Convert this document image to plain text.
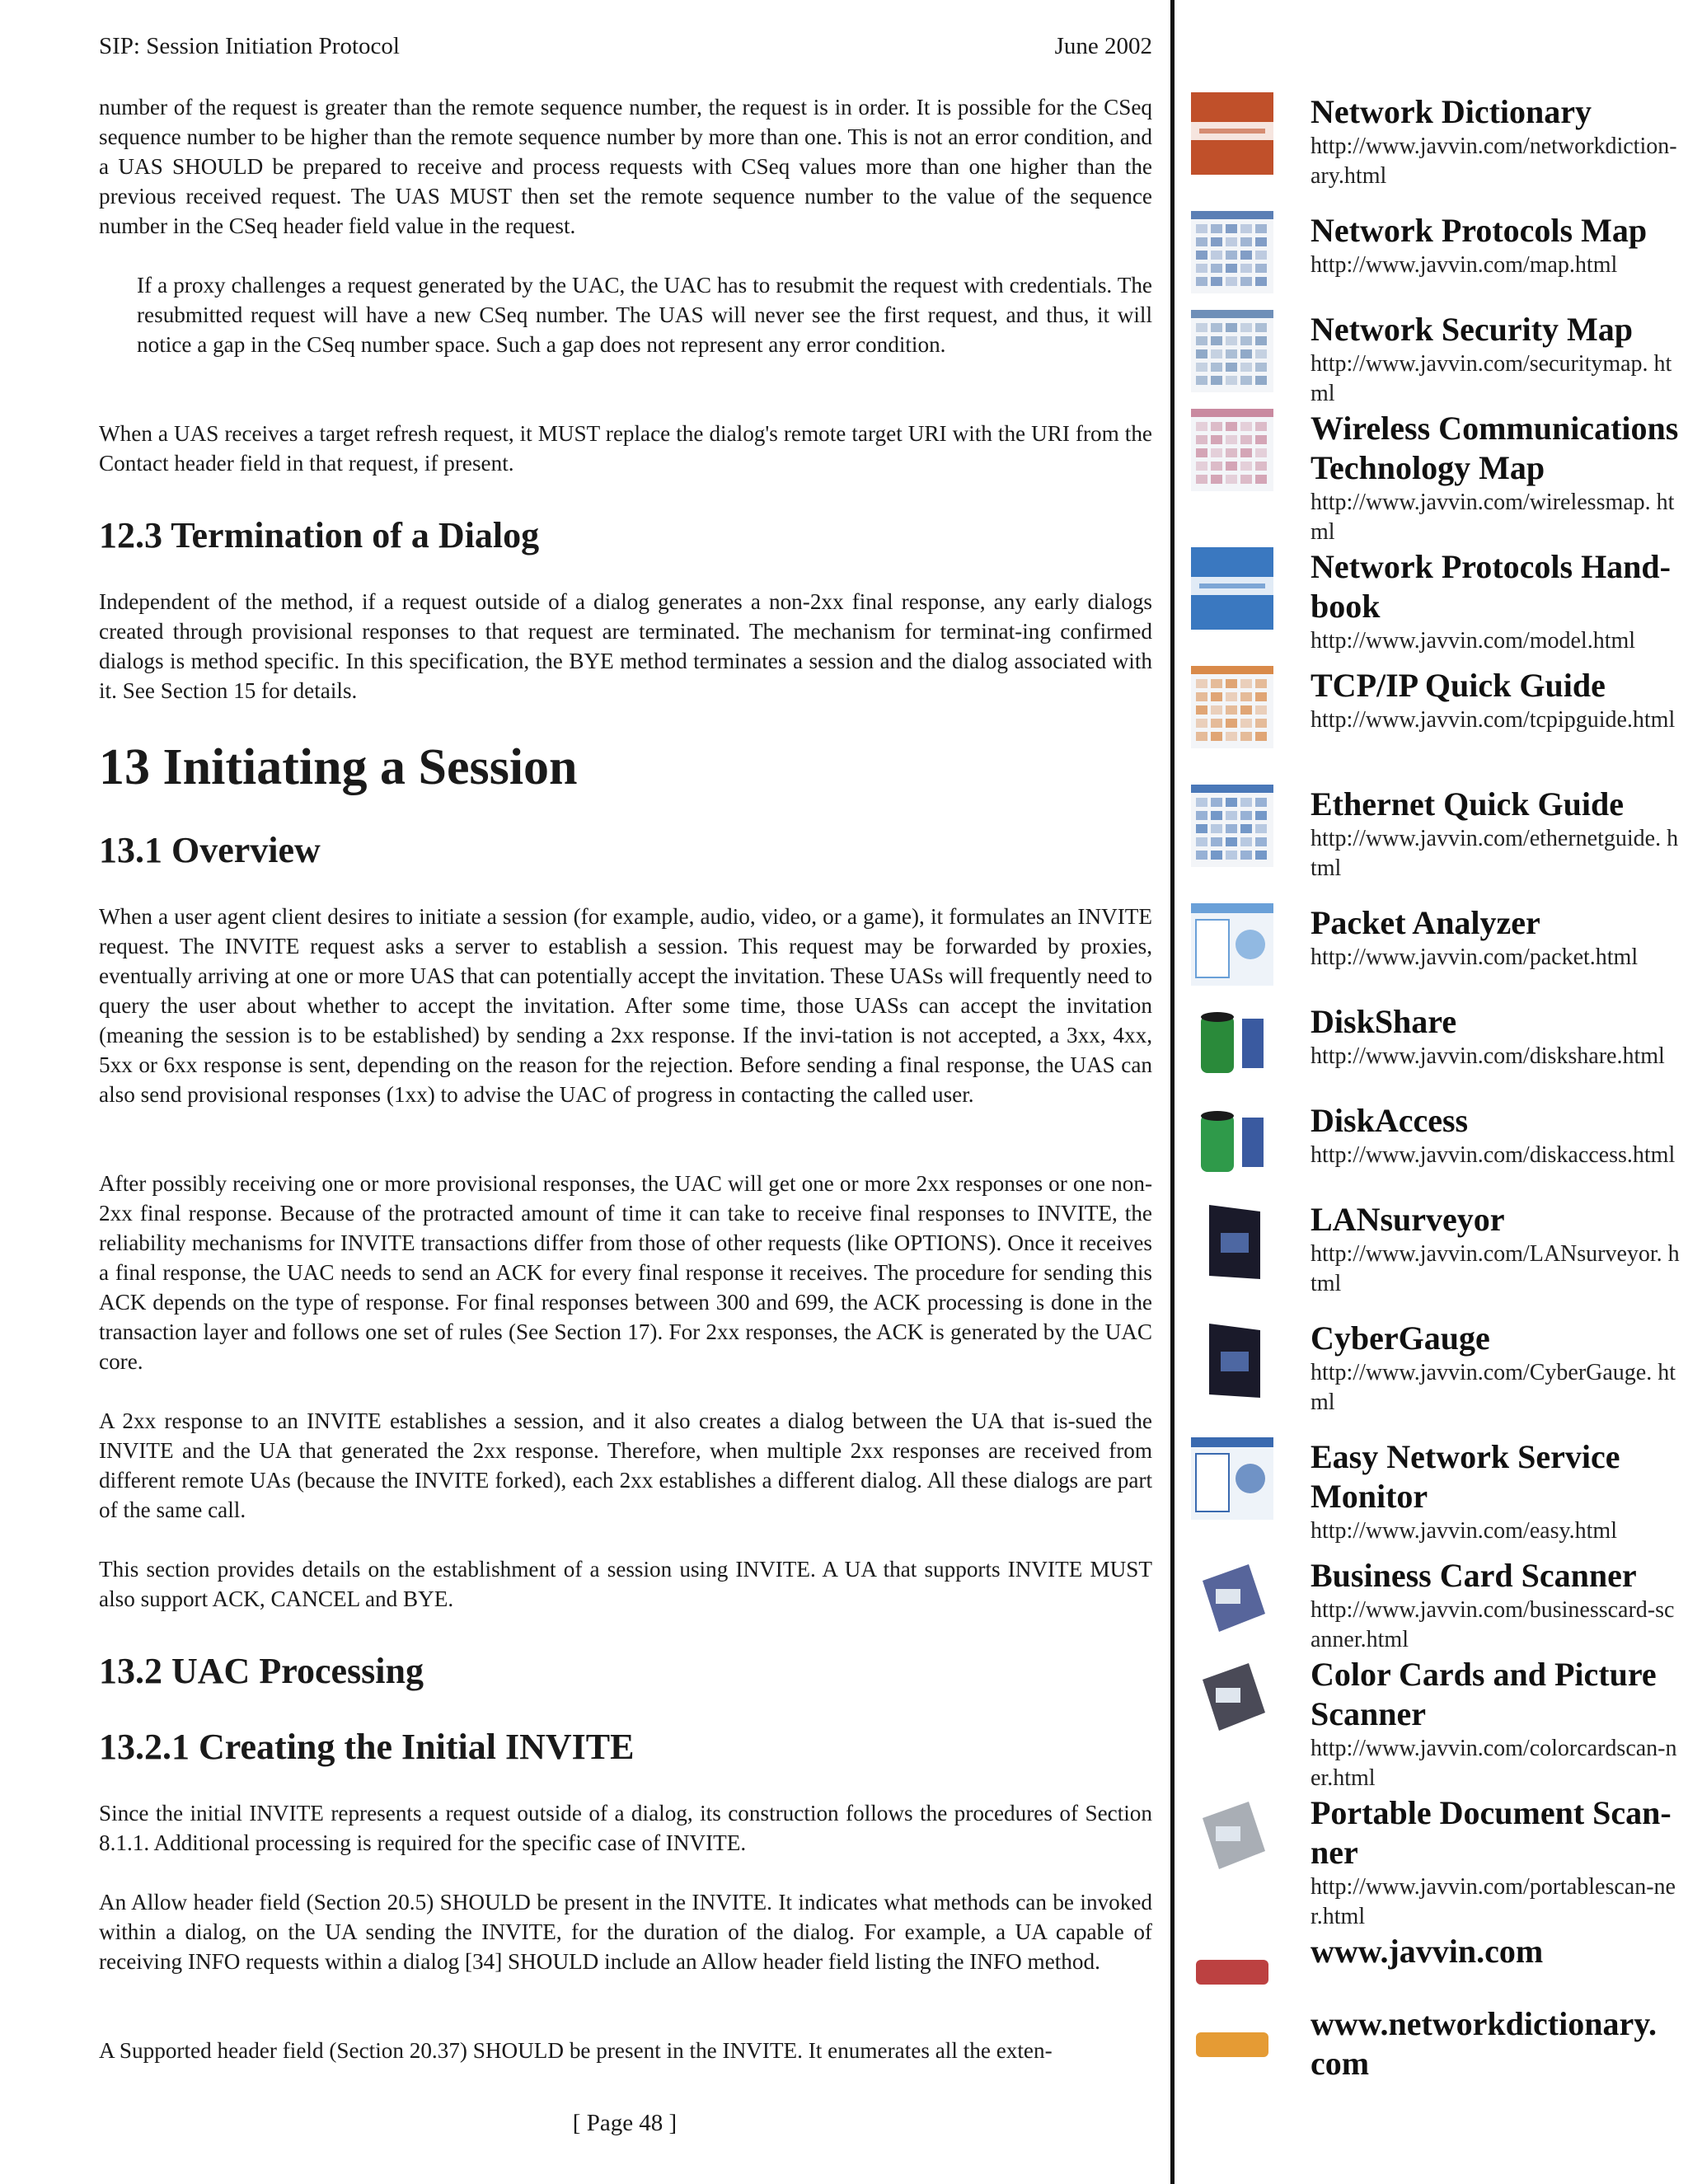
SIP: Session Initiation Protocol	June 2002

number of the request is greater than the remote sequence number, the request is in order. It is possible for the CSeq sequence number to be higher than the remote sequence number by more than one. This is not an error condition, and a UAS SHOULD be prepared to receive and process requests with CSeq values more than one higher than the previous received request. The UAS MUST then set the remote sequence number to the value of the sequence number in the CSeq header field value in the request.

If a proxy challenges a request generated by the UAC, the UAC has to resubmit the request with credentials. The resubmitted request will have a new CSeq number. The UAS will never see the first request, and thus, it will notice a gap in the CSeq number space. Such a gap does not represent any error condition.

When a UAS receives a target refresh request, it MUST replace the dialog's remote target URI with the URI from the Contact header field in that request, if present.

12.3 Termination of a Dialog

Independent of the method, if a request outside of a dialog generates a non-2xx final response, any early dialogs created through provisional responses to that request are terminated. The mechanism for terminat-ing confirmed dialogs is method specific. In this specification, the BYE method terminates a session and the dialog associated with it. See Section 15 for details.

13 Initiating a Session
13.1 Overview

When a user agent client desires to initiate a session (for example, audio, video, or a game), it formulates an INVITE request. The INVITE request asks a server to establish a session. This request may be forwarded by proxies, eventually arriving at one or more UAS that can potentially accept the invitation. These UASs will frequently need to query the user about whether to accept the invitation. After some time, those UASs can accept the invitation (meaning the session is to be established) by sending a 2xx response. If the invi-tation is not accepted, a 3xx, 4xx, 5xx or 6xx response is sent, depending on the reason for the rejection. Before sending a final response, the UAS can also send provisional responses (1xx) to advise the UAC of progress in contacting the called user.

After possibly receiving one or more provisional responses, the UAC will get one or more 2xx responses or one non-2xx final response. Because of the protracted amount of time it can take to receive final responses to INVITE, the reliability mechanisms for INVITE transactions differ from those of other requests (like OPTIONS). Once it receives a final response, the UAC needs to send an ACK for every final response it receives. The procedure for sending this ACK depends on the type of response. For final responses between 300 and 699, the ACK processing is done in the transaction layer and follows one set of rules (See Section 17). For 2xx responses, the ACK is generated by the UAC core.

A 2xx response to an INVITE establishes a session, and it also creates a dialog between the UA that is-sued the INVITE and the UA that generated the 2xx response. Therefore, when multiple 2xx responses are received from different remote UAs (because the INVITE forked), each 2xx establishes a different dialog. All these dialogs are part of the same call.

This section provides details on the establishment of a session using INVITE. A UA that supports INVITE MUST also support ACK, CANCEL and BYE.

13.2 UAC Processing
13.2.1 Creating the Initial INVITE

Since the initial INVITE represents a request outside of a dialog, its construction follows the procedures of Section 8.1.1. Additional processing is required for the specific case of INVITE.

An Allow header field (Section 20.5) SHOULD be present in the INVITE. It indicates what methods can be invoked within a dialog, on the UA sending the INVITE, for the duration of the dialog. For example, a UA capable of receiving INFO requests within a dialog [34] SHOULD include an Allow header field listing the INFO method.

A Supported header field (Section 20.37) SHOULD be present in the INVITE. It enumerates all the exten-

[ Page 48 ]
Network Dictionary
http://www.javvin.com/networkdiction-ary.html
Network Protocols Map
http://www.javvin.com/map.html
Network Security Map
http://www.javvin.com/securitymap. html
Wireless Communications Technology Map
http://www.javvin.com/wirelessmap. html
Network Protocols Hand-book
http://www.javvin.com/model.html
TCP/IP Quick Guide
http://www.javvin.com/tcpipguide.html
Ethernet Quick Guide
http://www.javvin.com/ethernetguide. html
Packet Analyzer
http://www.javvin.com/packet.html
DiskShare
http://www.javvin.com/diskshare.html
DiskAccess
http://www.javvin.com/diskaccess.html
LANsurveyor
http://www.javvin.com/LANsurveyor. html
CyberGauge
http://www.javvin.com/CyberGauge. html
Easy Network Service Monitor
http://www.javvin.com/easy.html
Business Card Scanner
http://www.javvin.com/businesscard-scanner.html
Color Cards and Picture Scanner
http://www.javvin.com/colorcardscan-ner.html
Portable Document Scan-ner
http://www.javvin.com/portablescan-ner.html
www.javvin.com
www.networkdictionary. com
